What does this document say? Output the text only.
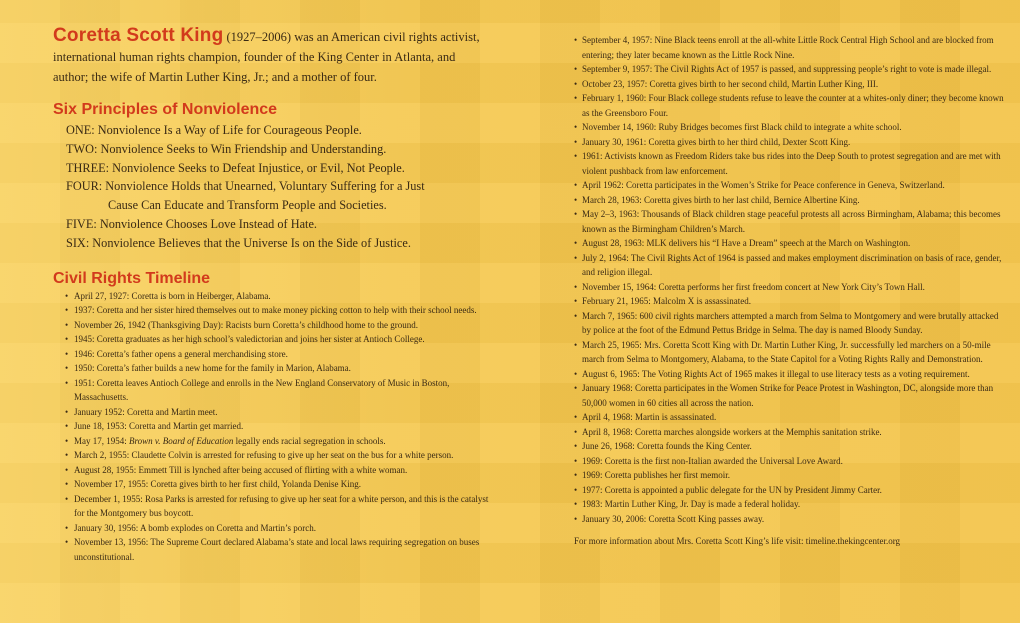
Coretta Scott King (1927–2006) was an American civil rights activist, international human rights champion, founder of the King Center in Atlanta, and author; the wife of Martin Luther King, Jr.; and a mother of four.

Six Principles of Nonviolence
ONE: Nonviolence Is a Way of Life for Courageous People.
TWO: Nonviolence Seeks to Win Friendship and Understanding.
THREE: Nonviolence Seeks to Defeat Injustice, or Evil, Not People.
FOUR: Nonviolence Holds that Unearned, Voluntary Suffering for a Just
Cause Can Educate and Transform People and Societies.
FIVE: Nonviolence Chooses Love Instead of Hate.
SIX: Nonviolence Believes that the Universe Is on the Side of Justice.
Civil Rights Timeline
• April 27, 1927: Coretta is born in Heiberger, Alabama.
• 1937: Coretta and her sister hired themselves out to make money picking cotton to help with their school needs.
• November 26, 1942 (Thanksgiving Day): Racists burn Coretta’s childhood home to the ground.
• 1945: Coretta graduates as her high school’s valedictorian and joins her sister at Antioch College.
• 1946: Coretta’s father opens a general merchandising store.
• 1950: Coretta’s father builds a new home for the family in Marion, Alabama.
• 1951: Coretta leaves Antioch College and enrolls in the New England Conservatory of Music in Boston, Massachusetts.
• January 1952: Coretta and Martin meet.
• June 18, 1953: Coretta and Martin get married.
• May 17, 1954: Brown v. Board of Education legally ends racial segregation in schools.
• March 2, 1955: Claudette Colvin is arrested for refusing to give up her seat on the bus for a white person.
• August 28, 1955: Emmett Till is lynched after being accused of flirting with a white woman.
• November 17, 1955: Coretta gives birth to her first child, Yolanda Denise King.
• December 1, 1955: Rosa Parks is arrested for refusing to give up her seat for a white person, and this is the catalyst for the Montgomery bus boycott.
• January 30, 1956: A bomb explodes on Coretta and Martin’s porch.
• November 13, 1956: The Supreme Court declared Alabama’s state and local laws requiring segregation on buses unconstitutional.
• September 4, 1957: Nine Black teens enroll at the all-white Little Rock Central High School and are blocked from entering; they later became known as the Little Rock Nine.
• September 9, 1957: The Civil Rights Act of 1957 is passed, and suppressing people’s right to vote is made illegal.
• October 23, 1957: Coretta gives birth to her second child, Martin Luther King, III.
• February 1, 1960: Four Black college students refuse to leave the counter at a whites-only diner; they become known as the Greensboro Four.
• November 14, 1960: Ruby Bridges becomes first Black child to integrate a white school.
• January 30, 1961: Coretta gives birth to her third child, Dexter Scott King.
• 1961: Activists known as Freedom Riders take bus rides into the Deep South to protest segregation and are met with violent pushback from law enforcement.
• April 1962: Coretta participates in the Women’s Strike for Peace conference in Geneva, Switzerland.
• March 28, 1963: Coretta gives birth to her last child, Bernice Albertine King.
• May 2–3, 1963: Thousands of Black children stage peaceful protests all across Birmingham, Alabama; this becomes known as the Birmingham Children’s March.
• August 28, 1963: MLK delivers his “I Have a Dream” speech at the March on Washington.
• July 2, 1964: The Civil Rights Act of 1964 is passed and makes employment discrimination on basis of race, gender, and religion illegal.
• November 15, 1964: Coretta performs her first freedom concert at New York City’s Town Hall.
• February 21, 1965: Malcolm X is assassinated.
• March 7, 1965: 600 civil rights marchers attempted a march from Selma to Montgomery and were brutally attacked by police at the foot of the Edmund Pettus Bridge in Selma. The day is named Bloody Sunday.
• March 25, 1965: Mrs. Coretta Scott King with Dr. Martin Luther King, Jr. successfully led marchers on a 50-mile march from Selma to Montgomery, Alabama, to the State Capitol for a Voting Rights Rally and Demonstration.
• August 6, 1965: The Voting Rights Act of 1965 makes it illegal to use literacy tests as a voting requirement.
• January 1968: Coretta participates in the Women Strike for Peace Protest in Washington, DC, alongside more than 50,000 women in 60 cities all across the nation.
• April 4, 1968: Martin is assassinated.
• April 8, 1968: Coretta marches alongside workers at the Memphis sanitation strike.
• June 26, 1968: Coretta founds the King Center.
• 1969: Coretta is the first non-Italian awarded the Universal Love Award.
• 1969: Coretta publishes her first memoir.
• 1977: Coretta is appointed a public delegate for the UN by President Jimmy Carter.
• 1983: Martin Luther King, Jr. Day is made a federal holiday.
• January 30, 2006: Coretta Scott King passes away.

For more information about Mrs. Coretta Scott King’s life visit: timeline.thekingcenter.org
